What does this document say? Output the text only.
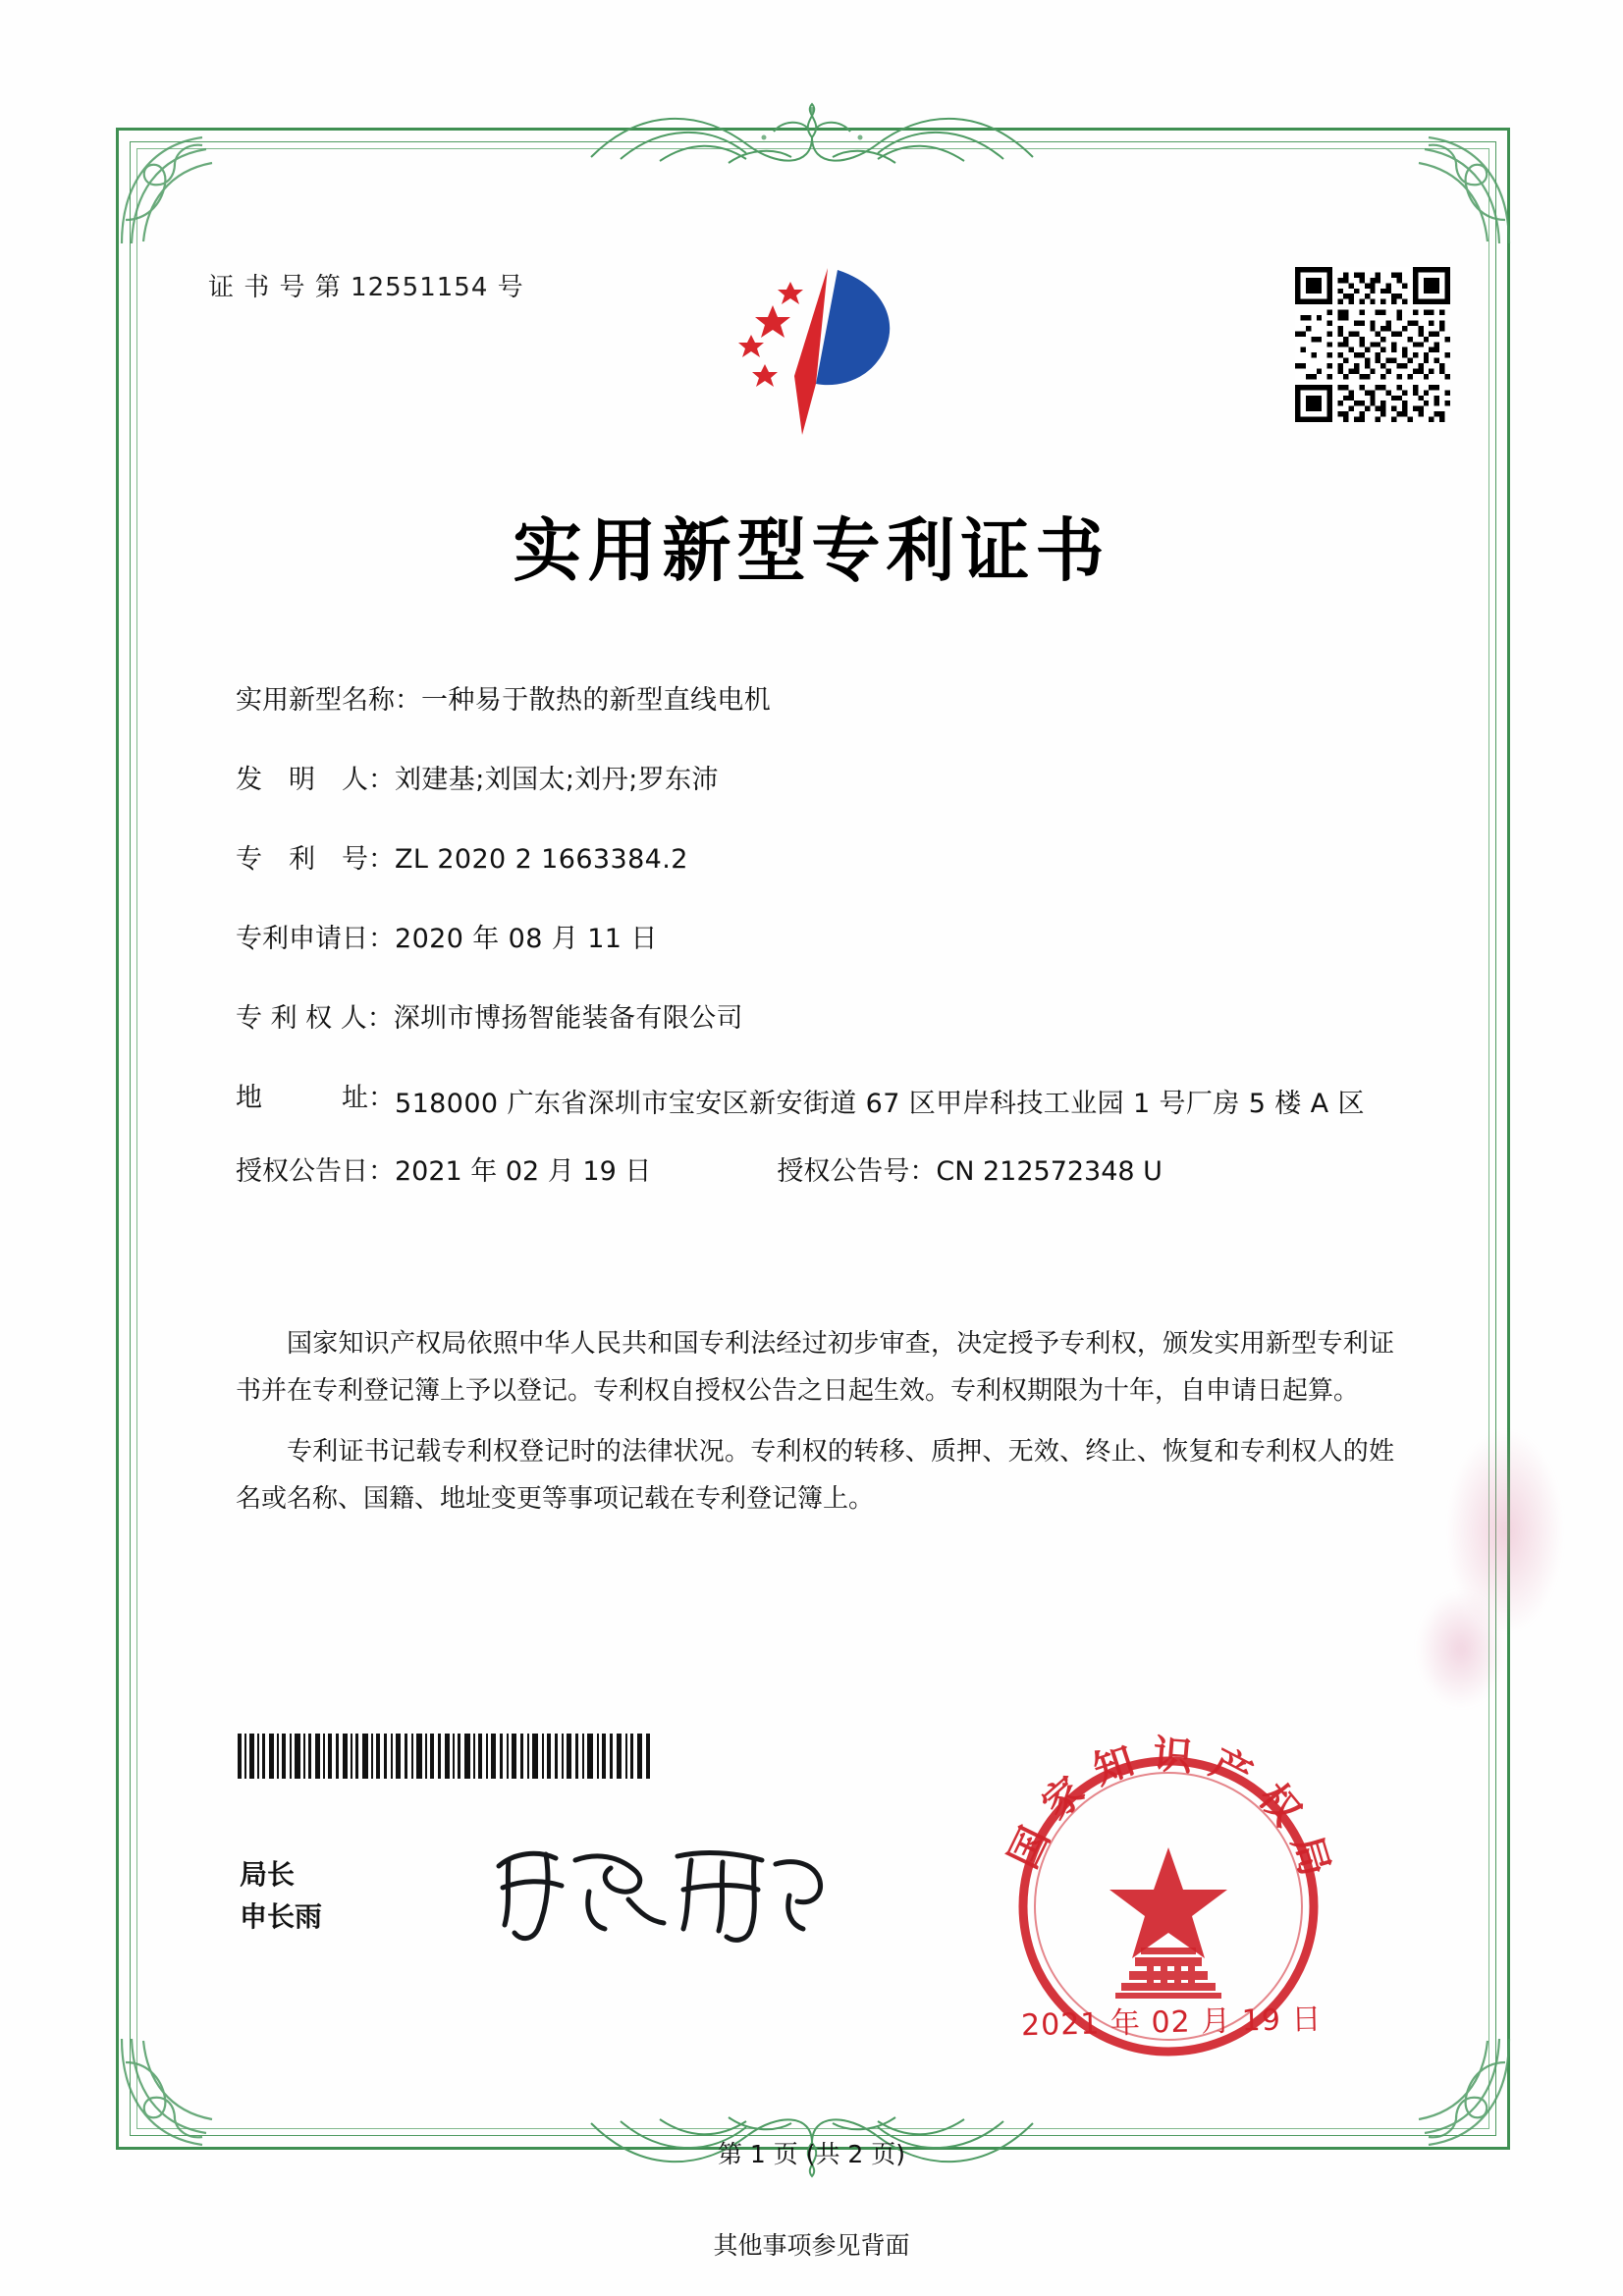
证 书 号 第 12551154 号
实用新型专利证书
实用新型名称： 一种易于散热的新型直线电机
发　明　人： 刘建基;刘国太;刘丹;罗东沛
专　利　号： ZL 2020 2 1663384.2
专利申请日： 2020 年 08 月 11 日
专 利 权 人： 深圳市博扬智能装备有限公司
地　　　址： 518000 广东省深圳市宝安区新安街道 67 区甲岸科技工业园 1 号厂房 5 楼 A 区
授权公告日：2021 年 02 月 19 日	授权公告号：CN 212572348 U

国家知识产权局依照中华人民共和国专利法经过初步审查，决定授予专利权，颁发实用新型专利证书并在专利登记簿上予以登记。专利权自授权公告之日起生效。专利权期限为十年，自申请日起算。

专利证书记载专利权登记时的法律状况。专利权的转移、质押、无效、终止、恢复和专利权人的姓名或名称、国籍、地址变更等事项记载在专利登记簿上。

局长
申长雨
国家知识产权局
2021 年 02 月 19 日
第 1 页 (共 2 页)
其他事项参见背面
